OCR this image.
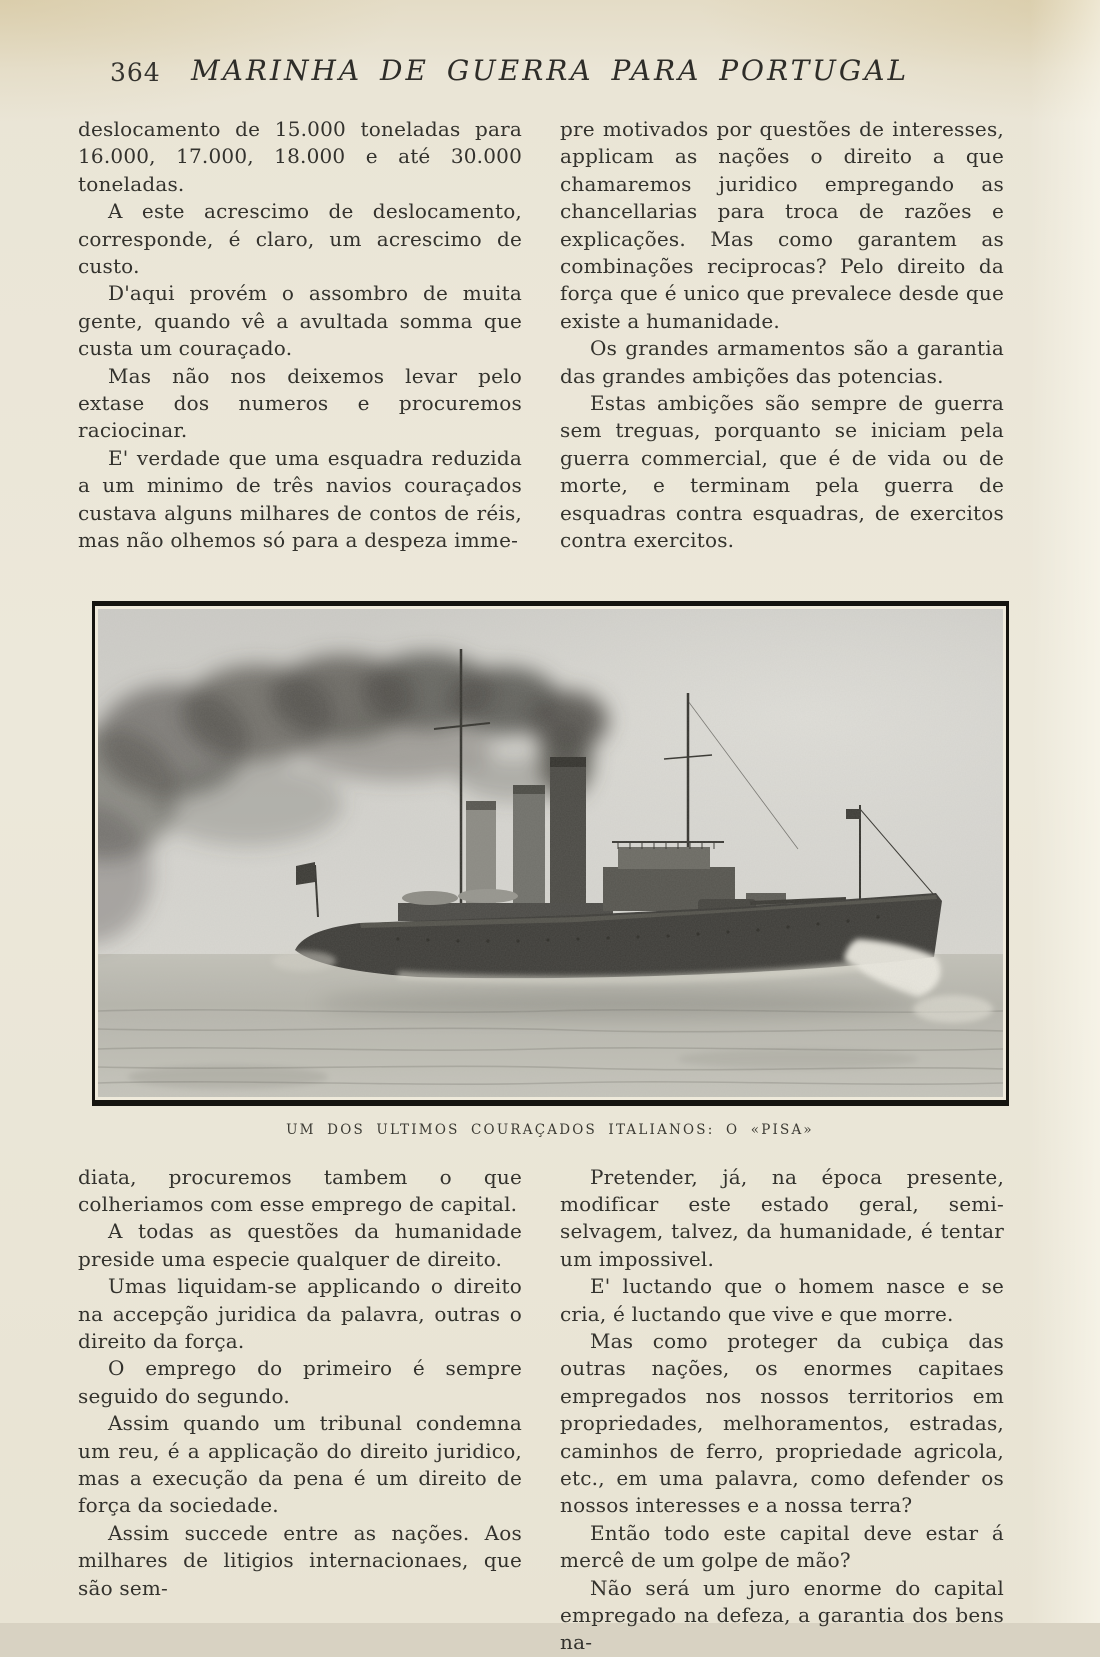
364	MARINHA DE GUERRA PARA PORTUGAL

deslocamento de 15.000 toneladas para 16.000, 17.000, 18.000 e até 30.000 toneladas.

A este acrescimo de deslocamento, corresponde, é claro, um acrescimo de custo.

D'aqui provém o assombro de muita gente, quando vê a avultada somma que custa um couraçado.

Mas não nos deixemos levar pelo extase dos numeros e procuremos raciocinar.

E' verdade que uma esquadra reduzida a um minimo de três navios couraçados custava alguns milhares de contos de réis, mas não olhemos só para a despeza imme-

pre motivados por questões de interesses, applicam as nações o direito a que chamaremos juridico empregando as chancellarias para troca de razões e explicações. Mas como garantem as combinações reciprocas? Pelo direito da força que é unico que prevalece desde que existe a humanidade.

Os grandes armamentos são a garantia das grandes ambições das potencias.

Estas ambições são sempre de guerra sem treguas, porquanto se iniciam pela guerra commercial, que é de vida ou de morte, e terminam pela guerra de esquadras contra esquadras, de exercitos contra exercitos.

UM DOS ULTIMOS COURAÇADOS ITALIANOS: O «PISA»

diata, procuremos tambem o que colheriamos com esse emprego de capital.

A todas as questões da humanidade preside uma especie qualquer de direito.

Umas liquidam-se applicando o direito na accepção juridica da palavra, outras o direito da força.

O emprego do primeiro é sempre seguido do segundo.

Assim quando um tribunal condemna um reu, é a applicação do direito juridico, mas a execução da pena é um direito de força da sociedade.

Assim succede entre as nações. Aos milhares de litigios internacionaes, que são sem-

Pretender, já, na época presente, modificar este estado geral, semi-selvagem, talvez, da humanidade, é tentar um impossivel.

E' luctando que o homem nasce e se cria, é luctando que vive e que morre.

Mas como proteger da cubiça das outras nações, os enormes capitaes empregados nos nossos territorios em propriedades, melhoramentos, estradas, caminhos de ferro, propriedade agricola, etc., em uma palavra, como defender os nossos interesses e a nossa terra?

Então todo este capital deve estar á mercê de um golpe de mão?

Não será um juro enorme do capital empregado na defeza, a garantia dos bens na-
